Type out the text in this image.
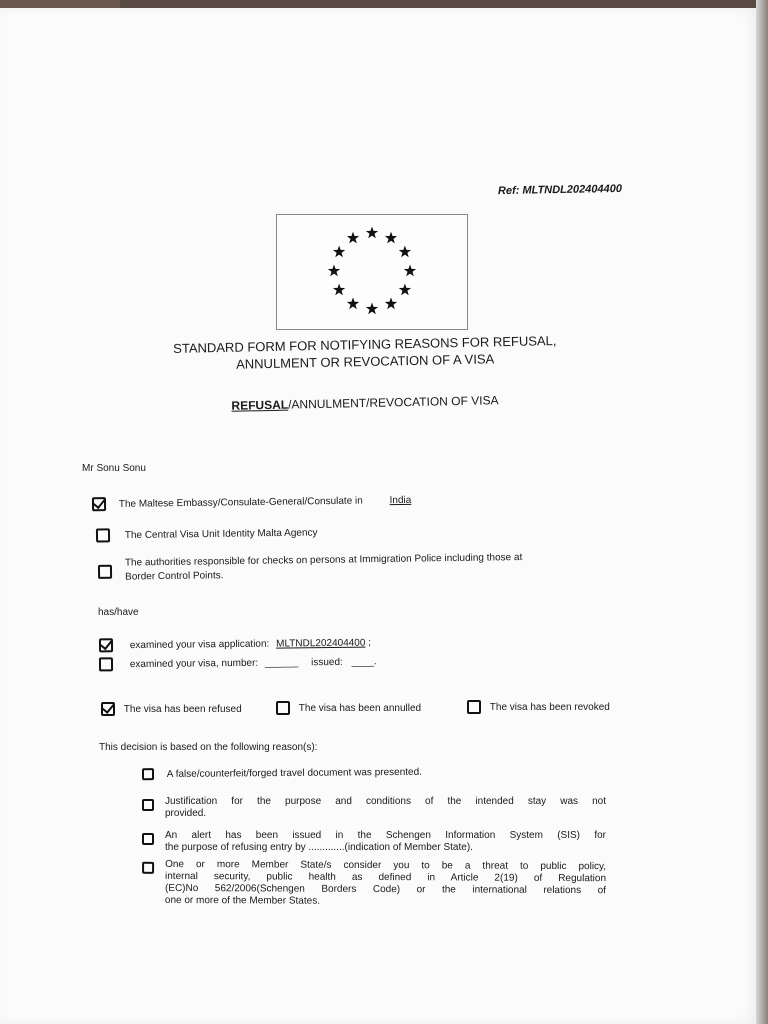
Ref: MLTNDL202404400
STANDARD FORM FOR NOTIFYING REASONS FOR REFUSAL,
ANNULMENT OR REVOCATION OF A VISA
REFUSAL/ANNULMENT/REVOCATION OF VISA
Mr Sonu Sonu
The Maltese Embassy/Consulate-General/Consulate in	India
The Central Visa Unit Identity Malta Agency
The authorities responsible for checks on persons at Immigration Police including those at
Border Control Points.
has/have
examined your visa application: MLTNDL202404400 ;
examined your visa, number: ______ issued: ____.
The visa has been refused	The visa has been annulled	The visa has been revoked
This decision is based on the following reason(s):
A false/counterfeit/forged travel document was presented.
Justification for the purpose and conditions of the intended stay was not
provided.
An alert has been issued in the Schengen Information System (SIS) for
the purpose of refusing entry by .............(indication of Member State).
One or more Member State/s consider you to be a threat to public policy,
internal security, public health as defined in Article 2(19) of Regulation
(EC)No 562/2006(Schengen Borders Code) or the international relations of
one or more of the Member States.
